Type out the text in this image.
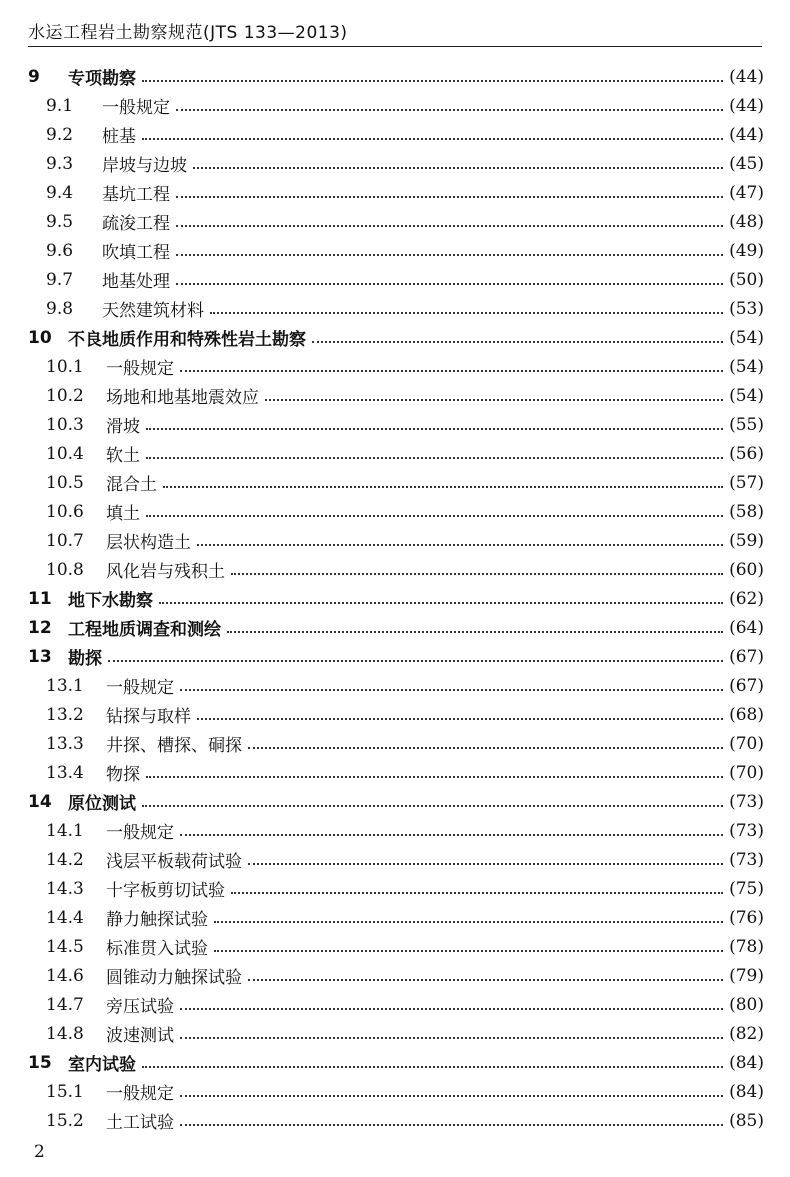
水运工程岩土勘察规范(JTS 133—2013)
9	专项勘察	(44)
9.1	一般规定	(44)
9.2	桩基	(44)
9.3	岸坡与边坡	(45)
9.4	基坑工程	(47)
9.5	疏浚工程	(48)
9.6	吹填工程	(49)
9.7	地基处理	(50)
9.8	天然建筑材料	(53)
10 不良地质作用和特殊性岩土勘察	(54)
10.1	一般规定	(54)
10.2	场地和地基地震效应	(54)
10.3	滑坡	(55)
10.4	软土	(56)
10.5	混合土	(57)
10.6	填土	(58)
10.7	层状构造土	(59)
10.8	风化岩与残积土	(60)
11 地下水勘察	(62)
12 工程地质调查和测绘	(64)
13 勘探	(67)
13.1	一般规定	(67)
13.2	钻探与取样	(68)
13.3	井探、槽探、硐探	(70)
13.4	物探	(70)
14 原位测试	(73)
14.1	一般规定	(73)
14.2	浅层平板载荷试验	(73)
14.3	十字板剪切试验	(75)
14.4	静力触探试验	(76)
14.5	标准贯入试验	(78)
14.6	圆锥动力触探试验	(79)
14.7	旁压试验	(80)
14.8	波速测试	(82)
15 室内试验	(84)
15.1	一般规定	(84)
15.2	土工试验	(85)
2
